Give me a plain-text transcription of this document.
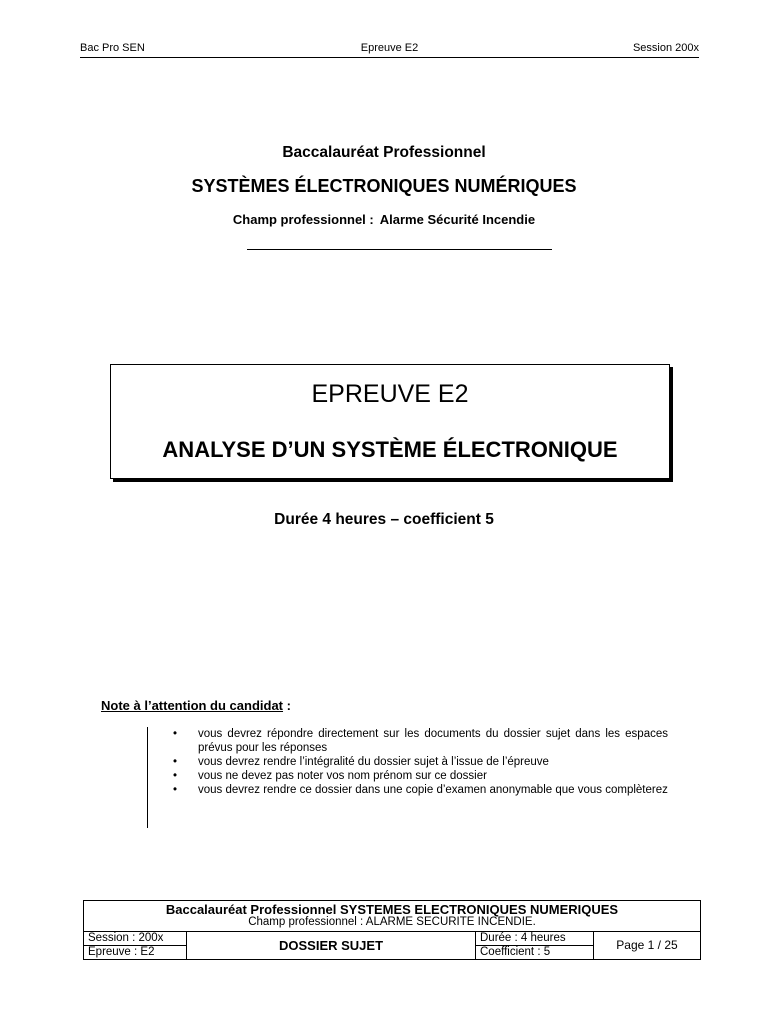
Bac Pro SEN	Epreuve E2	Session 200x
Baccalauréat Professionnel
SYSTÈMES ÉLECTRONIQUES NUMÉRIQUES
Champ professionnel : Alarme Sécurité Incendie
EPREUVE E2
ANALYSE D’UN SYSTÈME ÉLECTRONIQUE
Durée 4 heures – coefficient 5
Note à l’attention du candidat :
• vous devrez répondre directement sur les documents du dossier sujet dans les espaces prévus pour les réponses
• vous devrez rendre l’intégralité du dossier sujet à l’issue de l’épreuve
• vous ne devez pas noter vos nom prénom sur ce dossier
• vous devrez rendre ce dossier dans une copie d’examen anonymable que vous complèterez
Baccalauréat Professionnel SYSTEMES ELECTRONIQUES NUMERIQUES
Champ professionnel : ALARME SECURITE INCENDIE.			

Session : 200x	DOSSIER SUJET	Durée : 4 heures	Page 1 / 25
Epreuve : E2		Coefficient : 5	
